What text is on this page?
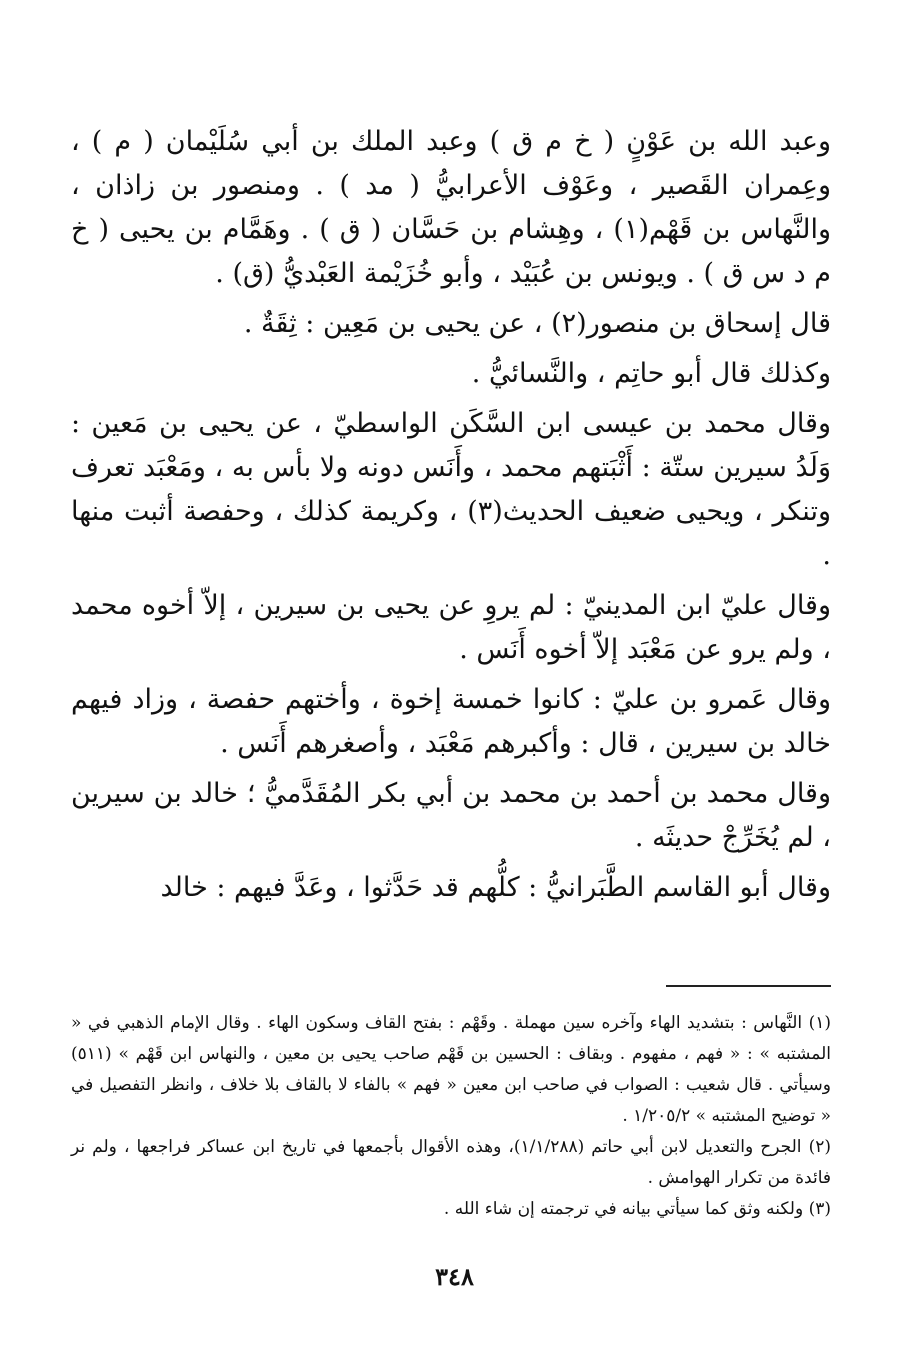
وعبد الله بن عَوْنٍ ( خ م ق ) وعبد الملك بن أبي سُلَيْمان ( م ) ، وعِمران القَصير ، وعَوْف الأعرابيُّ ( مد ) . ومنصور بن زاذان ، والنَّهاس بن قَهْم(١) ، وهِشام بن حَسَّان ( ق ) . وهَمَّام بن يحيى ( خ م د س ق ) . ويونس بن عُبَيْد ، وأبو خُزَيْمة العَبْديُّ (ق) .

قال إسحاق بن منصور(٢) ، عن يحيى بن مَعِين : ثِقَةٌ .

وكذلك قال أبو حاتِم ، والنَّسائيُّ .

وقال محمد بن عيسى ابن السَّكَن الواسطيّ ، عن يحيى بن مَعين : وَلَدُ سيرين ستّة : أَثْبَتهم محمد ، وأَنَس دونه ولا بأس به ، ومَعْبَد تعرف وتنكر ، ويحيى ضعيف الحديث(٣) ، وكريمة كذلك ، وحفصة أثبت منها .

وقال عليّ ابن المدينيّ : لم يروِ عن يحيى بن سيرين ، إلاّ أخوه محمد ، ولم يرو عن مَعْبَد إلاّ أخوه أَنَس .

وقال عَمرو بن عليّ : كانوا خمسة إخوة ، وأختهم حفصة ، وزاد فيهم خالد بن سيرين ، قال : وأكبرهم مَعْبَد ، وأصغرهم أَنَس .

وقال محمد بن أحمد بن محمد بن أبي بكر المُقَدَّميُّ ؛ خالد بن سيرين ، لم يُخَرِّجْ حديثَه .

وقال أبو القاسم الطَّبَرانيُّ : كلُّهم قد حَدَّثوا ، وعَدَّ فيهم : خالد

(١) النَّهاس : بتشديد الهاء وآخره سين مهملة . وقَهْم : بفتح القاف وسكون الهاء . وقال الإمام الذهبي في « المشتبه » : « فهم ، مفهوم . وبقاف : الحسين بن قَهْم صاحب يحيى بن معين ، والنهاس ابن قَهْم » (٥١١) وسيأتي . قال شعيب : الصواب في صاحب ابن معين « فهم » بالفاء لا بالقاف بلا خلاف ، وانظر التفصيل في « توضيح المشتبه » ١/٢٠٥/٢ .

(٢) الجرح والتعديل لابن أبي حاتم (١/١/٢٨٨)، وهذه الأقوال بأجمعها في تاريخ ابن عساكر فراجعها ، ولم نر فائدة من تكرار الهوامش .

(٣) ولكنه وثق كما سيأتي بيانه في ترجمته إن شاء الله .

٣٤٨
